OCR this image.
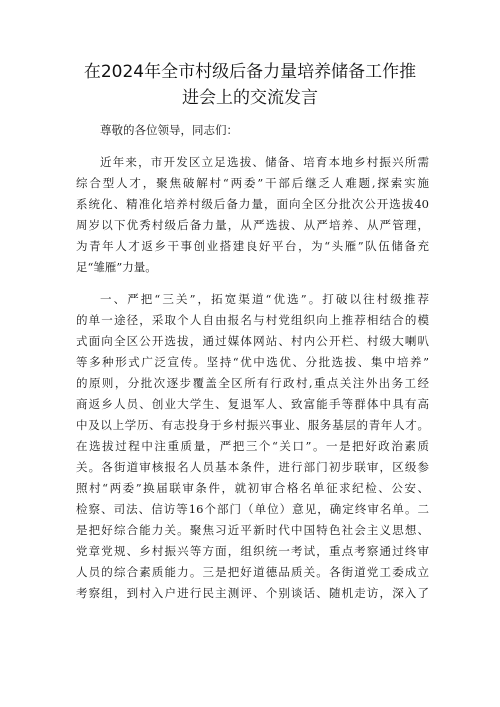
在2024年全市村级后备力量培养储备工作推
进会上的交流发言
尊敬的各位领导，同志们：
近年来，市开发区立足选拔、储备、培育本地乡村振兴所需
综合型人才，聚焦破解村“两委”干部后继乏人难题,探索实施
系统化、精准化培养村级后备力量，面向全区分批次公开选拔40
周岁以下优秀村级后备力量，从严选拔、从严培养、从严管理，
为青年人才返乡干事创业搭建良好平台，为“头雁”队伍储备充
足“雏雁”力量。
一、严把“三关”，拓宽渠道“优选”。打破以往村级推荐
的单一途径，采取个人自由报名与村党组织向上推荐相结合的模
式面向全区公开选拔，通过媒体网站、村内公开栏、村级大喇叭
等多种形式广泛宣传。坚持“优中选优、分批选拔、集中培养”
的原则，分批次逐步覆盖全区所有行政村,重点关注外出务工经
商返乡人员、创业大学生、复退军人、致富能手等群体中具有高
中及以上学历、有志投身于乡村振兴事业、服务基层的青年人才。
在选拔过程中注重质量，严把三个“关口”。一是把好政治素质
关。各街道审核报名人员基本条件，进行部门初步联审，区级参
照村“两委”换届联审条件，就初审合格名单征求纪检、公安、
检察、司法、信访等16个部门（单位）意见，确定终审名单。二
是把好综合能力关。聚焦习近平新时代中国特色社会主义思想、
党章党规、乡村振兴等方面，组织统一考试，重点考察通过终审
人员的综合素质能力。三是把好道德品质关。各街道党工委成立
考察组，到村入户进行民主测评、个别谈话、随机走访，深入了
